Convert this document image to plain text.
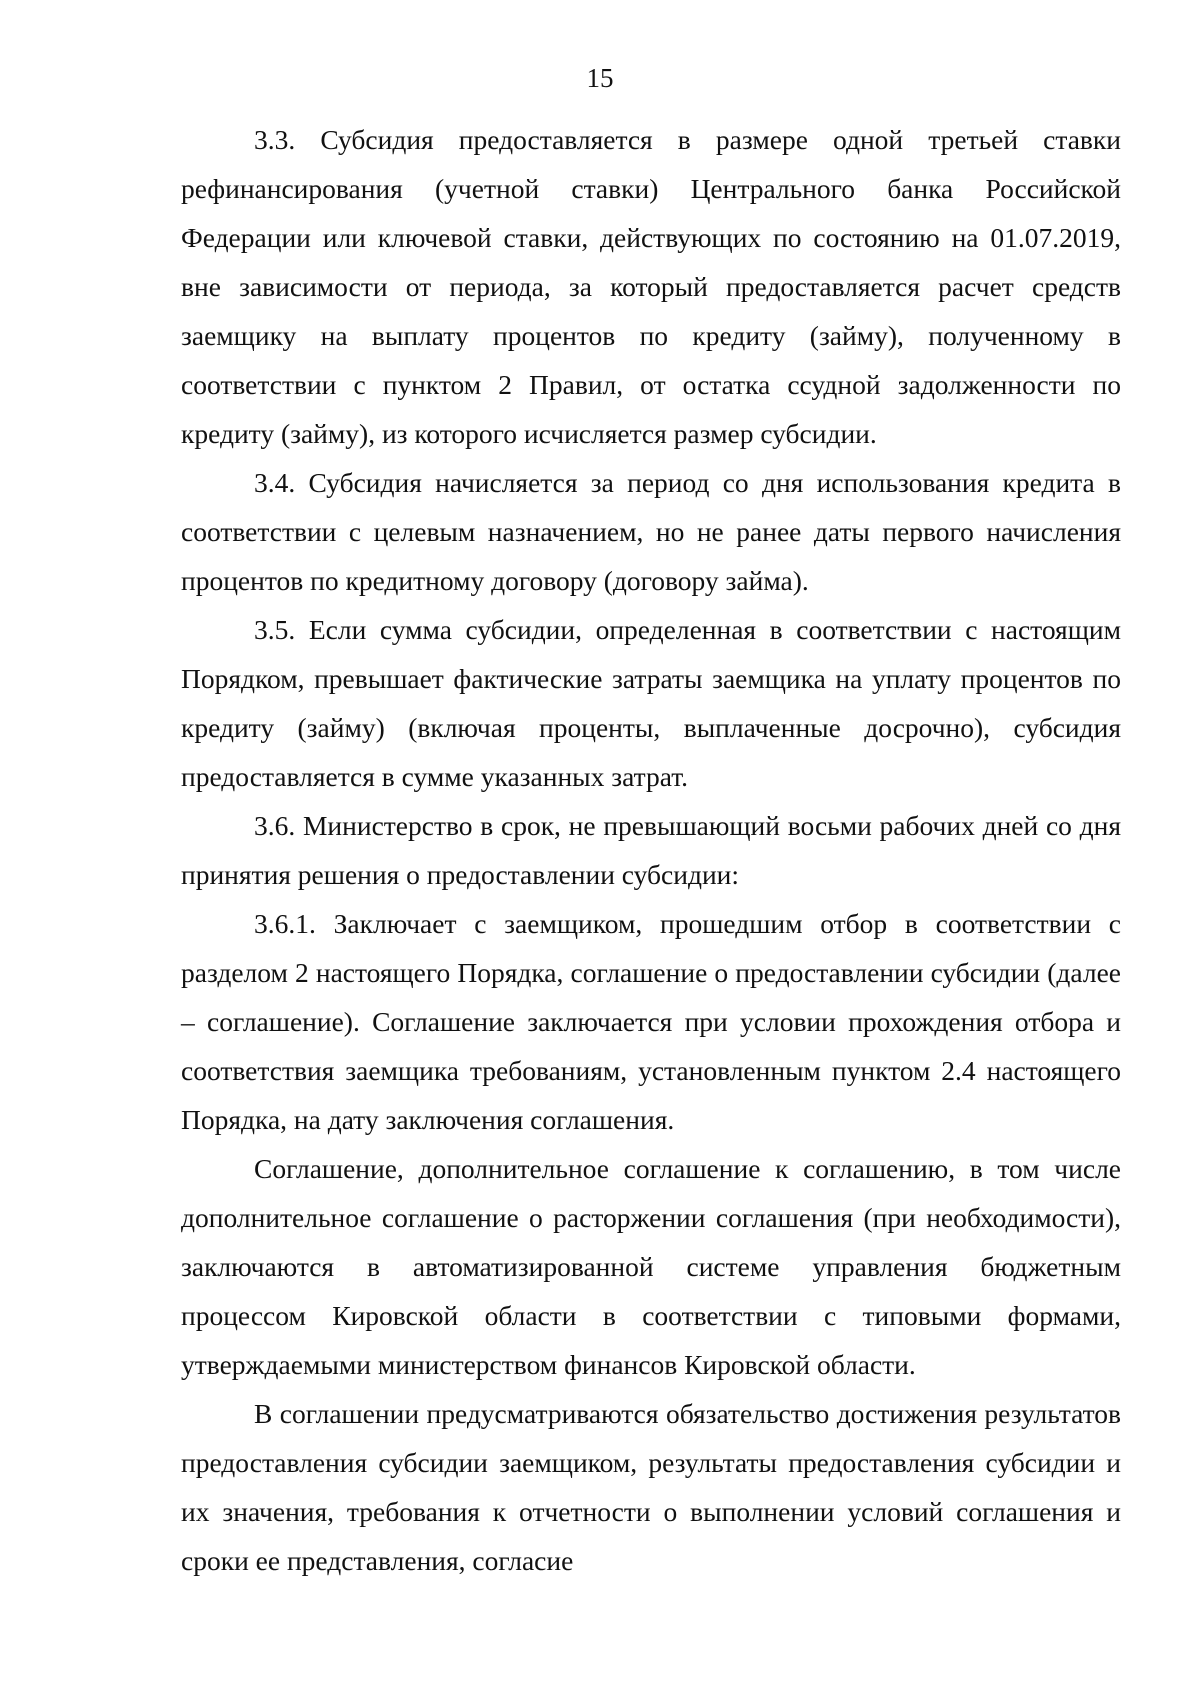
15

3.3. Субсидия предоставляется в размере одной третьей ставки рефинансирования (учетной ставки) Центрального банка Российской Федерации или ключевой ставки, действующих по состоянию на 01.07.2019, вне зависимости от периода, за который предоставляется расчет средств заемщику на выплату процентов по кредиту (займу), полученному в соответствии с пунктом 2 Правил, от остатка ссудной задолженности по кредиту (займу), из которого исчисляется размер субсидии.

3.4. Субсидия начисляется за период со дня использования кредита в соответствии с целевым назначением, но не ранее даты первого начисления процентов по кредитному договору (договору займа).

3.5. Если сумма субсидии, определенная в соответствии с настоящим Порядком, превышает фактические затраты заемщика на уплату процентов по кредиту (займу) (включая проценты, выплаченные досрочно), субсидия предоставляется в сумме указанных затрат.

3.6. Министерство в срок, не превышающий восьми рабочих дней со дня принятия решения о предоставлении субсидии:

3.6.1. Заключает с заемщиком, прошедшим отбор в соответствии с разделом 2 настоящего Порядка, соглашение о предоставлении субсидии (далее – соглашение). Соглашение заключается при условии прохождения отбора и соответствия заемщика требованиям, установленным пунктом 2.4 настоящего Порядка, на дату заключения соглашения.

Соглашение, дополнительное соглашение к соглашению, в том числе дополнительное соглашение о расторжении соглашения (при необходимости), заключаются в автоматизированной системе управления бюджетным процессом Кировской области в соответствии с типовыми формами, утверждаемыми министерством финансов Кировской области.

В соглашении предусматриваются обязательство достижения результатов предоставления субсидии заемщиком, результаты предоставления субсидии и их значения, требования к отчетности о выполнении условий соглашения и сроки ее представления, согласие
